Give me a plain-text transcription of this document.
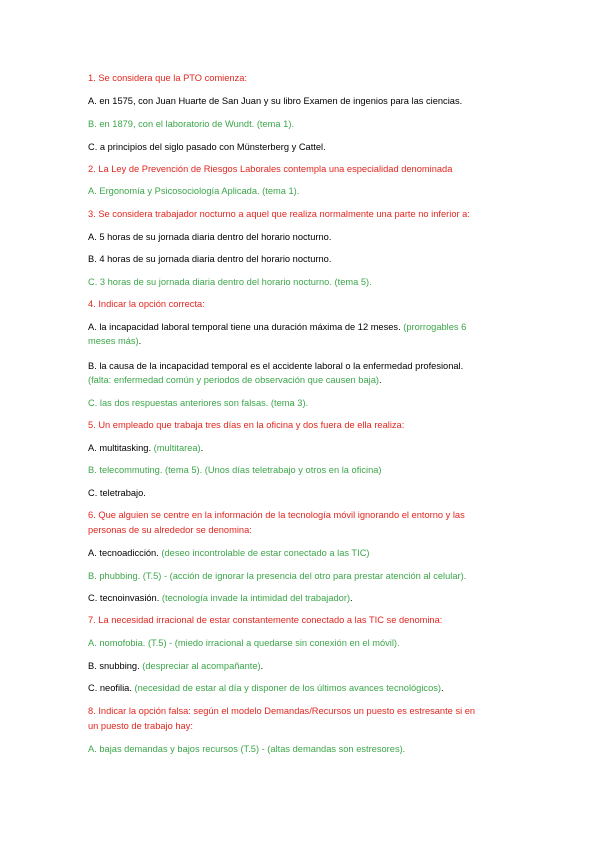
1. Se considera que la PTO comienza:
A. en 1575, con Juan Huarte de San Juan y su libro Examen de ingenios para las ciencias.
B. en 1879, con el laboratorio de Wundt. (tema 1).
C. a principios del siglo pasado con Münsterberg y Cattel.
2. La Ley de Prevención de Riesgos Laborales contempla una especialidad denominada
A. Ergonomía y Psicosociología Aplicada. (tema 1).
3. Se considera trabajador nocturno a aquel que realiza normalmente una parte no inferior a:
A. 5 horas de su jornada diaria dentro del horario nocturno.
B. 4 horas de su jornada diaria dentro del horario nocturno.
C. 3 horas de su jornada diaria dentro del horario nocturno. (tema 5).
4. Indicar la opción correcta:
A. la incapacidad laboral temporal tiene una duración máxima de 12 meses. (prorrogables 6
meses más).
B. la causa de la incapacidad temporal es el accidente laboral o la enfermedad profesional.
(falta: enfermedad común y periodos de observación que causen baja).
C. las dos respuestas anteriores son falsas. (tema 3).
5. Un empleado que trabaja tres días en la oficina y dos fuera de ella realiza:
A. multitasking. (multitarea).
B. telecommuting. (tema 5). (Unos días teletrabajo y otros en la oficina)
C. teletrabajo.
6. Que alguien se centre en la información de la tecnología móvil ignorando el entorno y las
personas de su alrededor se denomina:
A. tecnoadicción. (deseo incontrolable de estar conectado a las TIC)
B. phubbing. (T.5) - (acción de ignorar la presencia del otro para prestar atención al celular).
C. tecnoinvasión. (tecnología invade la intimidad del trabajador).
7. La necesidad irracional de estar constantemente conectado a las TIC se denomina:
A. nomofobia. (T.5) - (miedo irracional a quedarse sin conexión en el móvil).
B. snubbing. (despreciar al acompañante).
C. neofilia. (necesidad de estar al día y disponer de los últimos avances tecnológicos).
8. Indicar la opción falsa: según el modelo Demandas/Recursos un puesto es estresante si en
un puesto de trabajo hay:
A. bajas demandas y bajos recursos (T.5) - (altas demandas son estresores).
